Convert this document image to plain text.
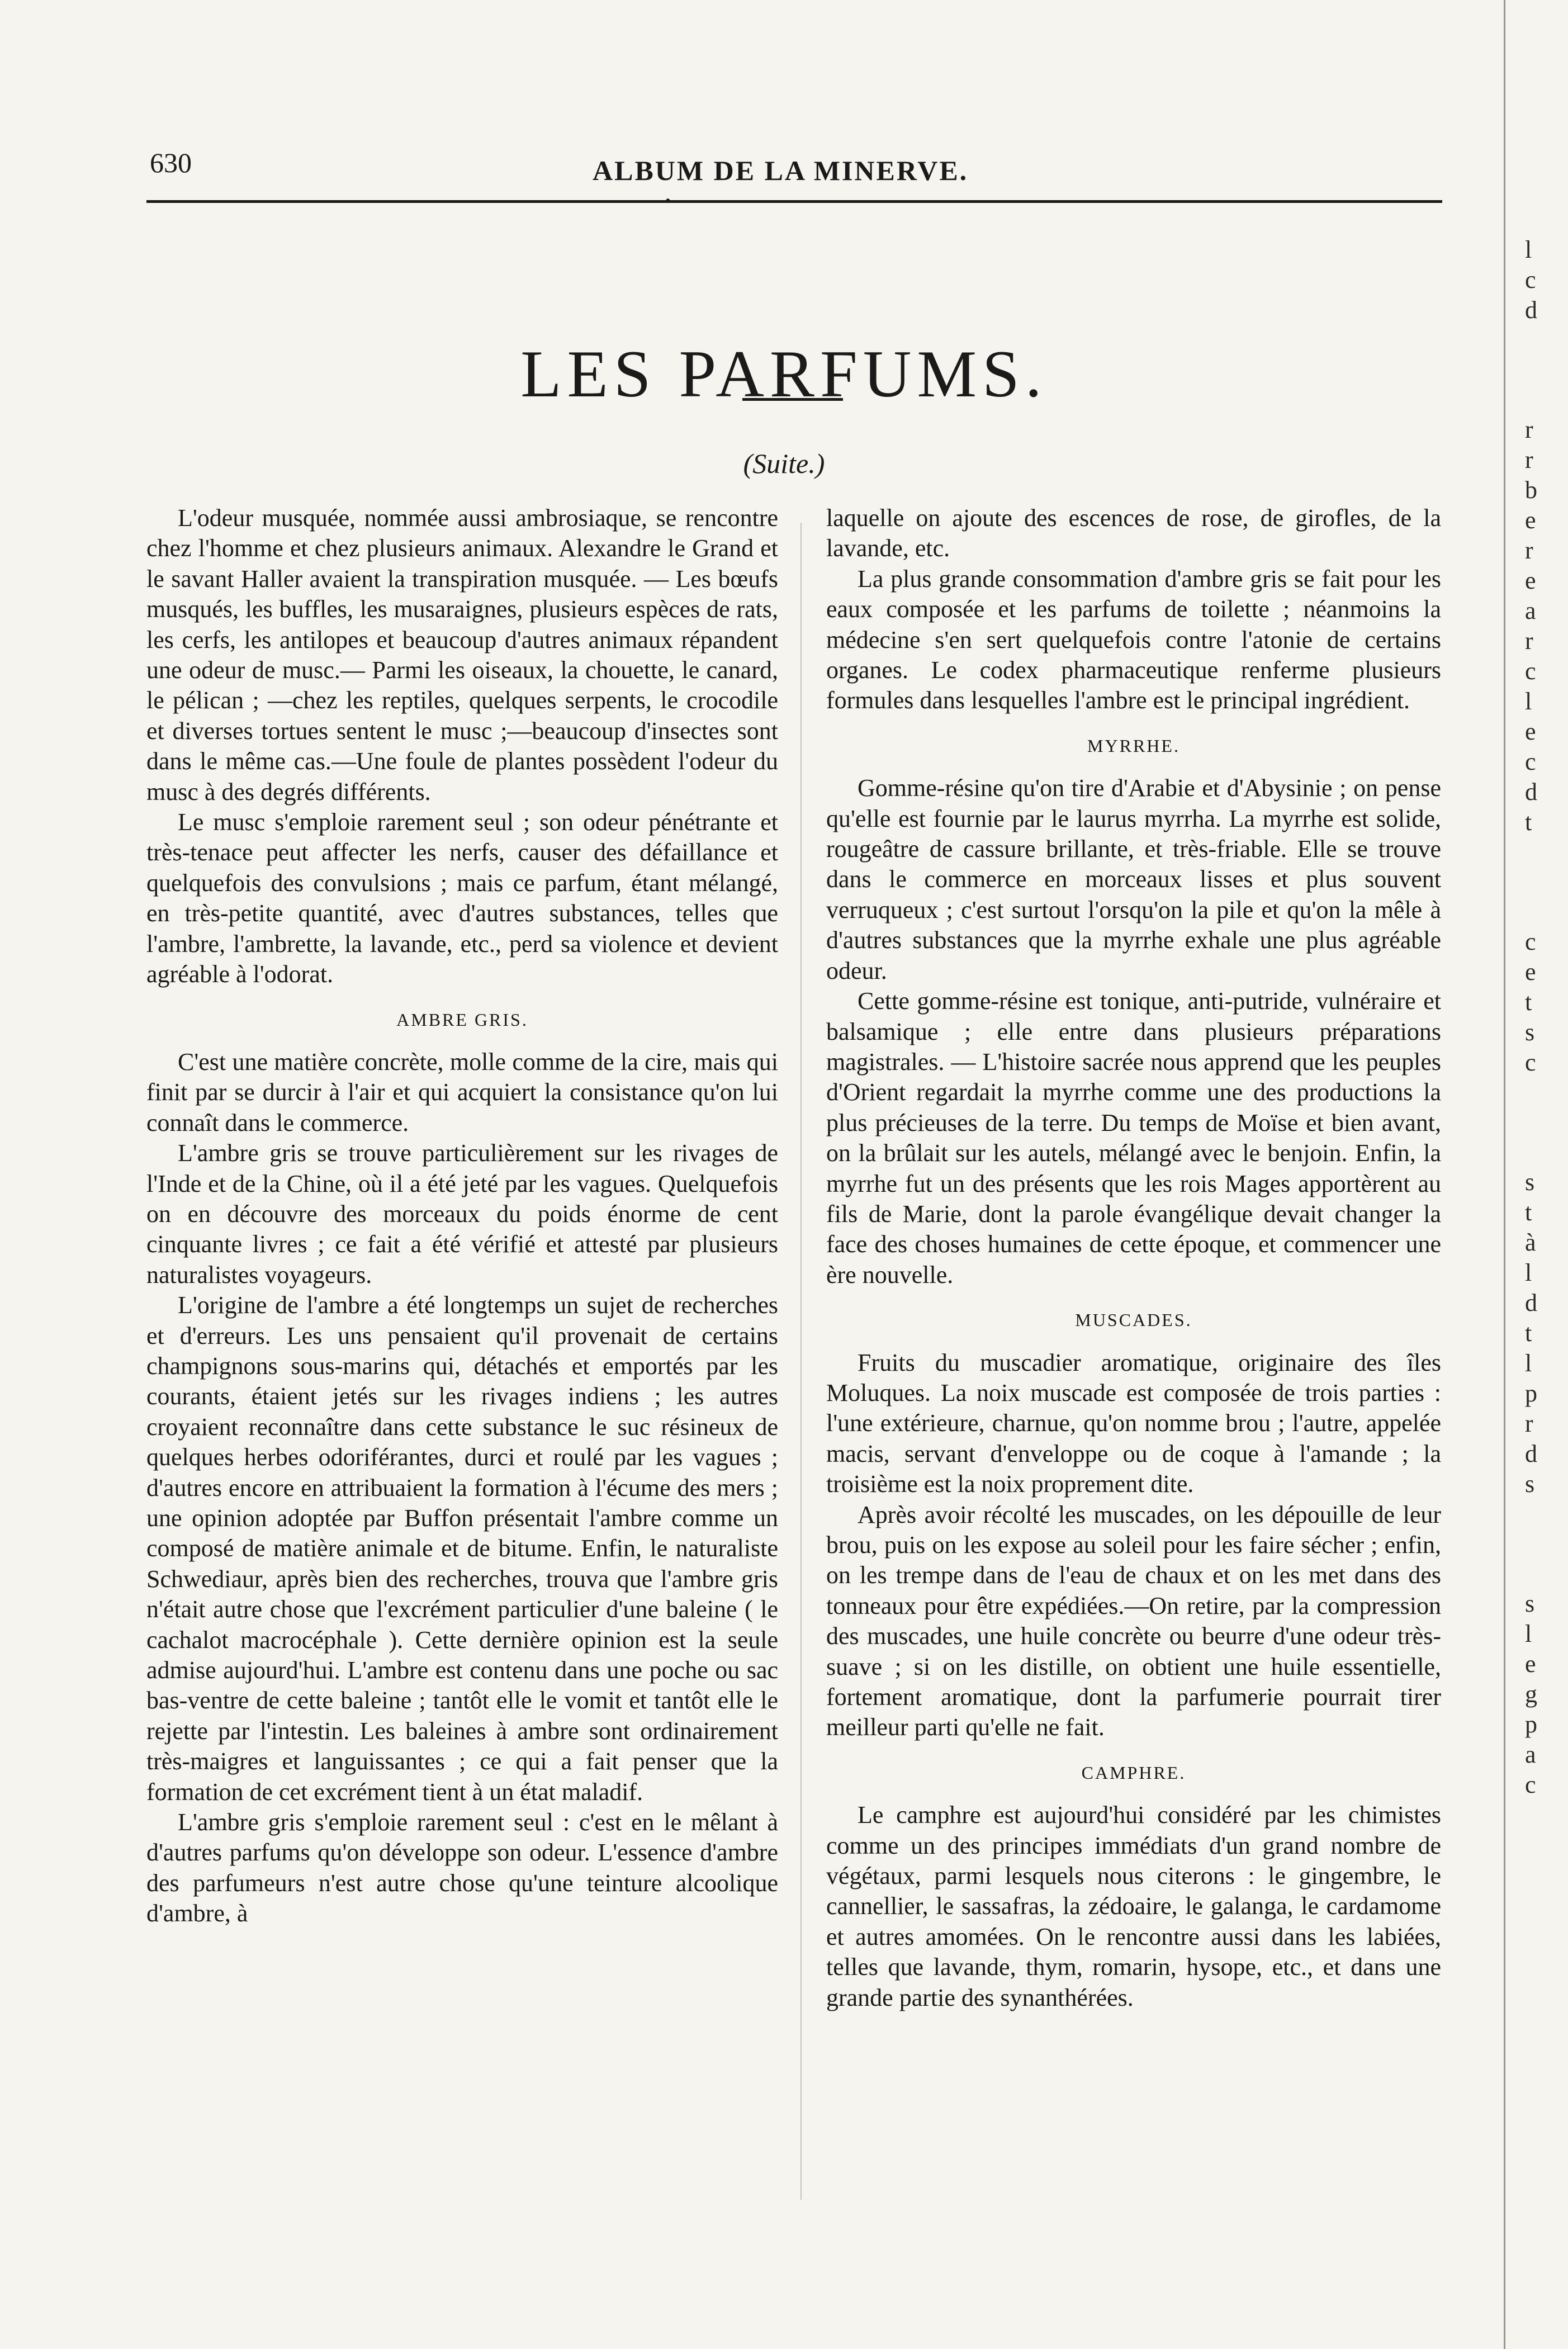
630	ALBUM DE LA MINERVE.
•
LES PARFUMS.
(Suite.)

L'odeur musquée, nommée aussi ambrosiaque, se rencontre chez l'homme et chez plusieurs animaux. Alexandre le Grand et le savant Haller avaient la transpiration musquée. — Les bœufs musqués, les buffles, les musaraignes, plusieurs espèces de rats, les cerfs, les antilopes et beaucoup d'autres animaux répandent une odeur de musc.— Parmi les oiseaux, la chouette, le canard, le pélican ; —chez les reptiles, quelques serpents, le crocodile et diverses tortues sentent le musc ;—beaucoup d'insectes sont dans le même cas.—Une foule de plantes possèdent l'odeur du musc à des degrés différents.

Le musc s'emploie rarement seul ; son odeur pénétrante et très-tenace peut affecter les nerfs, causer des défaillance et quelquefois des convulsions ; mais ce parfum, étant mélangé, en très-petite quantité, avec d'autres substances, telles que l'ambre, l'ambrette, la lavande, etc., perd sa violence et devient agréable à l'odorat.

AMBRE GRIS.

C'est une matière concrète, molle comme de la cire, mais qui finit par se durcir à l'air et qui acquiert la consistance qu'on lui connaît dans le commerce.

L'ambre gris se trouve particulièrement sur les rivages de l'Inde et de la Chine, où il a été jeté par les vagues. Quelquefois on en découvre des morceaux du poids énorme de cent cinquante livres ; ce fait a été vérifié et attesté par plusieurs naturalistes voyageurs.

L'origine de l'ambre a été longtemps un sujet de recherches et d'erreurs. Les uns pensaient qu'il provenait de certains champignons sous-marins qui, détachés et emportés par les courants, étaient jetés sur les rivages indiens ; les autres croyaient reconnaître dans cette substance le suc résineux de quelques herbes odoriférantes, durci et roulé par les vagues ; d'autres encore en attribuaient la formation à l'écume des mers ; une opinion adoptée par Buffon présentait l'ambre comme un composé de matière animale et de bitume. Enfin, le naturaliste Schwediaur, après bien des recherches, trouva que l'ambre gris n'était autre chose que l'excrément particulier d'une baleine ( le cachalot macrocéphale ). Cette dernière opinion est la seule admise aujourd'hui. L'ambre est contenu dans une poche ou sac bas-ventre de cette baleine ; tantôt elle le vomit et tantôt elle le rejette par l'intestin. Les baleines à ambre sont ordinairement très-maigres et languissantes ; ce qui a fait penser que la formation de cet excrément tient à un état maladif.

L'ambre gris s'emploie rarement seul : c'est en le mêlant à d'autres parfums qu'on développe son odeur. L'essence d'ambre des parfumeurs n'est autre chose qu'une teinture alcoolique d'ambre, à

laquelle on ajoute des escences de rose, de girofles, de la lavande, etc.

La plus grande consommation d'ambre gris se fait pour les eaux composée et les parfums de toilette ; néanmoins la médecine s'en sert quelquefois contre l'atonie de certains organes. Le codex pharmaceutique renferme plusieurs formules dans lesquelles l'ambre est le principal ingrédient.

MYRRHE.

Gomme-résine qu'on tire d'Arabie et d'Abysinie ; on pense qu'elle est fournie par le laurus myrrha. La myrrhe est solide, rougeâtre de cassure brillante, et très-friable. Elle se trouve dans le commerce en morceaux lisses et plus souvent verruqueux ; c'est surtout l'orsqu'on la pile et qu'on la mêle à d'autres substances que la myrrhe exhale une plus agréable odeur.

Cette gomme-résine est tonique, anti-putride, vulnéraire et balsamique ; elle entre dans plusieurs préparations magistrales. — L'histoire sacrée nous apprend que les peuples d'Orient regardait la myrrhe comme une des productions la plus précieuses de la terre. Du temps de Moïse et bien avant, on la brûlait sur les autels, mélangé avec le benjoin. Enfin, la myrrhe fut un des présents que les rois Mages apportèrent au fils de Marie, dont la parole évangélique devait changer la face des choses humaines de cette époque, et commencer une ère nouvelle.

MUSCADES.

Fruits du muscadier aromatique, originaire des îles Moluques. La noix muscade est composée de trois parties : l'une extérieure, charnue, qu'on nomme brou ; l'autre, appelée macis, servant d'enveloppe ou de coque à l'amande ; la troisième est la noix proprement dite.

Après avoir récolté les muscades, on les dépouille de leur brou, puis on les expose au soleil pour les faire sécher ; enfin, on les trempe dans de l'eau de chaux et on les met dans des tonneaux pour être expédiées.—On retire, par la compression des muscades, une huile concrète ou beurre d'une odeur très-suave ; si on les distille, on obtient une huile essentielle, fortement aromatique, dont la parfumerie pourrait tirer meilleur parti qu'elle ne fait.

CAMPHRE.

Le camphre est aujourd'hui considéré par les chimistes comme un des principes immédiats d'un grand nombre de végétaux, parmi lesquels nous citerons : le gingembre, le cannellier, le sassafras, la zédoaire, le galanga, le cardamome et autres amomées. On le rencontre aussi dans les labiées, telles que lavande, thym, romarin, hysope, etc., et dans une grande partie des synanthérées.

l
c
d
r
r
b
e
r
e
a
r
c
l
e
c
d
t
c
e
t
s
c
s
t
à
l
d
t
l
p
r
d
s
s
l
e
g
p
a
c
